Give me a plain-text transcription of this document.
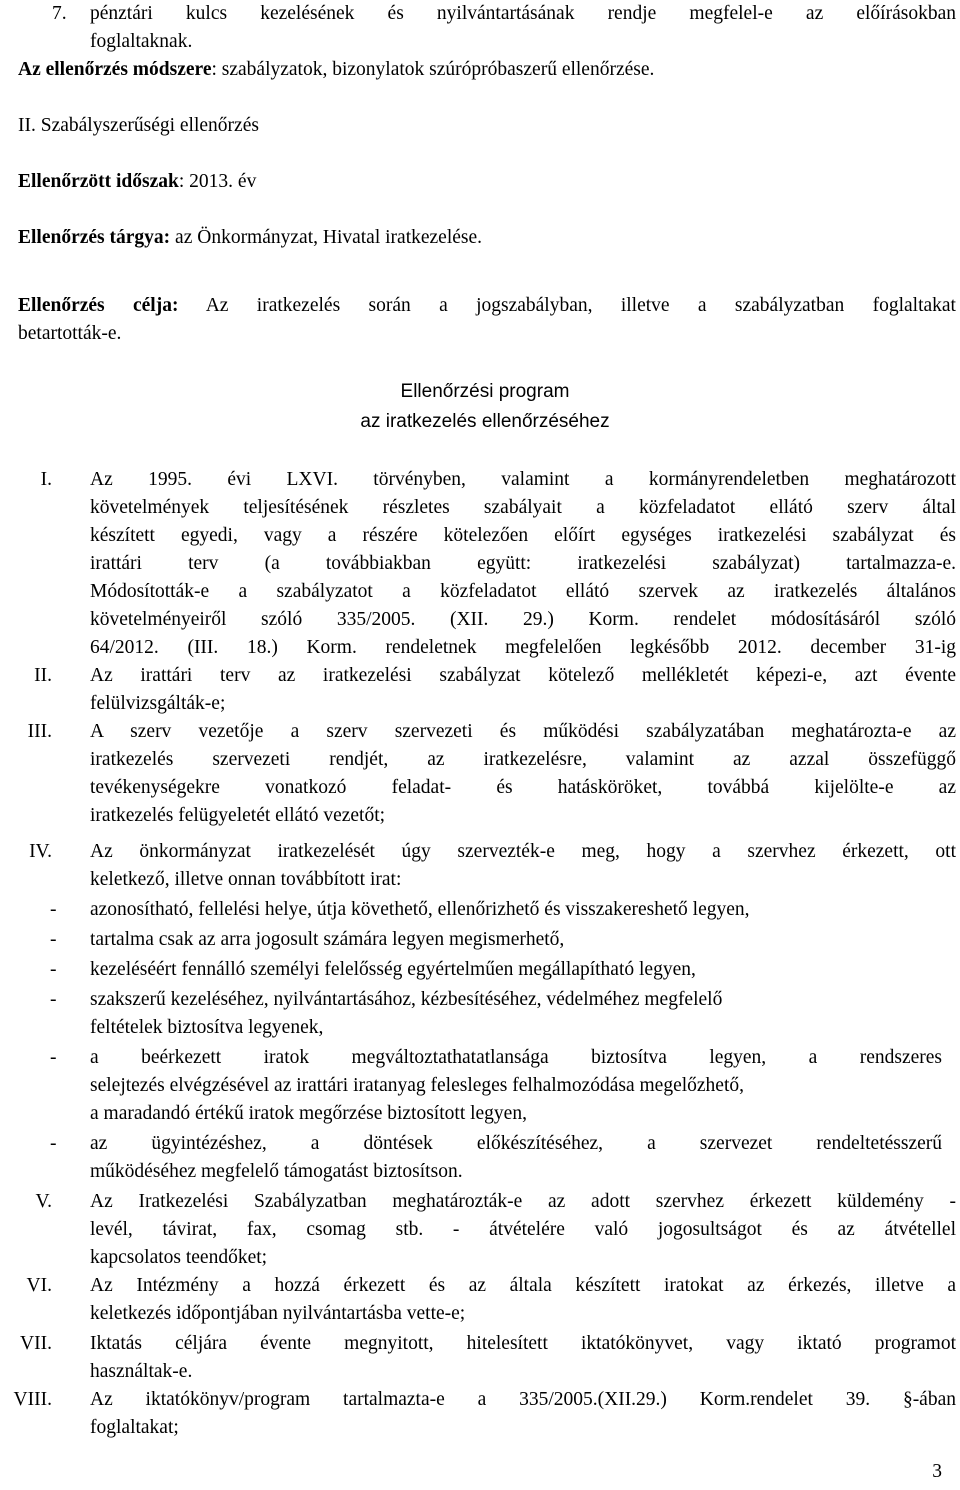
7. pénztári kulcs kezelésének és nyilvántartásának rendje megfelel-e az előírásokban
foglaltaknak.
Az ellenőrzés módszere: szabályzatok, bizonylatok szúrópróbaszerű ellenőrzése.
II. Szabályszerűségi ellenőrzés
Ellenőrzött időszak: 2013. év
Ellenőrzés tárgya: az Önkormányzat, Hivatal iratkezelése.
Ellenőrzés célja: Az iratkezelés során a jogszabályban, illetve a szabályzatban foglaltakat
betartották-e.
Ellenőrzési program
az iratkezelés ellenőrzéséhez
I. Az 1995. évi LXVI. törvényben, valamint a kormányrendeletben meghatározott
követelmények teljesítésének részletes szabályait a közfeladatot ellátó szerv által
készített egyedi, vagy a részére kötelezően előírt egységes iratkezelési szabályzat és
irattári terv (a továbbiakban együtt: iratkezelési szabályzat) tartalmazza-e.
Módosították-e a szabályzatot a közfeladatot ellátó szervek az iratkezelés általános
követelményeiről szóló 335/2005. (XII. 29.) Korm. rendelet módosításáról szóló
64/2012. (III. 18.) Korm. rendeletnek megfelelően legkésőbb 2012. december 31-ig
II. Az irattári terv az iratkezelési szabályzat kötelező mellékletét képezi-e, azt évente
felülvizsgálták-e;
III. A szerv vezetője a szerv szervezeti és működési szabályzatában meghatározta-e az
iratkezelés szervezeti rendjét, az iratkezelésre, valamint az azzal összefüggő
tevékenységekre vonatkozó feladat- és hatásköröket, továbbá kijelölte-e az
iratkezelés felügyeletét ellátó vezetőt;
IV. Az önkormányzat iratkezelését úgy szervezték-e meg, hogy a szervhez érkezett, ott
keletkező, illetve onnan továbbított irat:
- azonosítható, fellelési helye, útja követhető, ellenőrizhető és visszakereshető legyen,
- tartalma csak az arra jogosult számára legyen megismerhető,
- kezeléséért fennálló személyi felelősség egyértelműen megállapítható legyen,
- szakszerű kezeléséhez, nyilvántartásához, kézbesítéséhez, védelméhez megfelelő
feltételek biztosítva legyenek,
- a beérkezett iratok megváltoztathatatlansága biztosítva legyen, a rendszeres
selejtezés elvégzésével az irattári iratanyag felesleges felhalmozódása megelőzhető,
a maradandó értékű iratok megőrzése biztosított legyen,
- az ügyintézéshez, a döntések előkészítéséhez, a szervezet rendeltetésszerű
működéséhez megfelelő támogatást biztosítson.
V. Az Iratkezelési Szabályzatban meghatározták-e az adott szervhez érkezett küldemény -
levél, távirat, fax, csomag stb. - átvételére való jogosultságot és az átvétellel
kapcsolatos teendőket;
VI. Az Intézmény a hozzá érkezett és az általa készített iratokat az érkezés, illetve a
keletkezés időpontjában nyilvántartásba vette-e;
VII. Iktatás céljára évente megnyitott, hitelesített iktatókönyvet, vagy iktató programot
használtak-e.
VIII. Az iktatókönyv/program tartalmazta-e a 335/2005.(XII.29.) Korm.rendelet 39. §-ában
foglaltakat;
3
